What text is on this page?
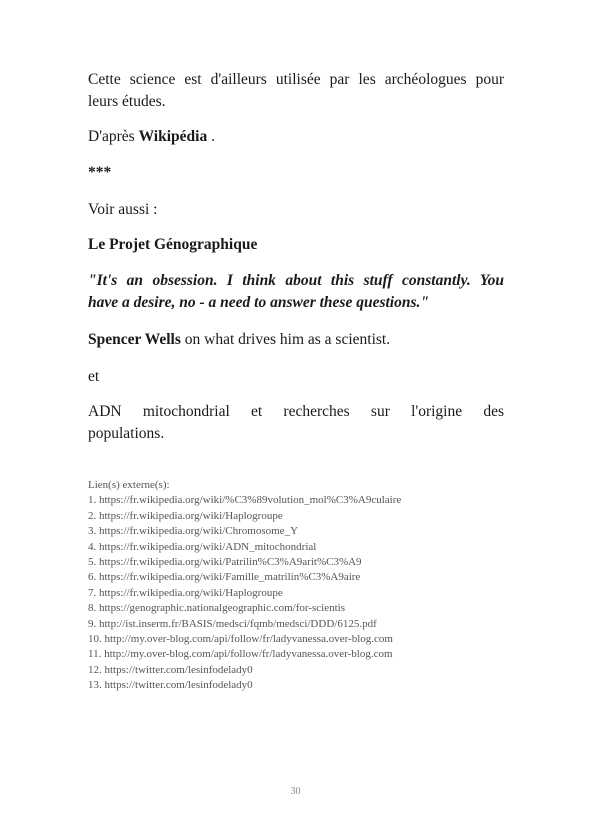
Cette science est d'ailleurs utilisée par les archéologues pour

leurs études.

D'après Wikipédia .

***

Voir aussi :

Le Projet Génographique

"It's an obsession. I think about this stuff constantly. You

have a desire, no - a need to answer these questions."

Spencer Wells on what drives him as a scientist.

et

ADN mitochondrial et recherches sur l'origine des

populations.

Lien(s) externe(s):
1. https://fr.wikipedia.org/wiki/%C3%89volution_mol%C3%A9culaire
2. https://fr.wikipedia.org/wiki/Haplogroupe
3. https://fr.wikipedia.org/wiki/Chromosome_Y
4. https://fr.wikipedia.org/wiki/ADN_mitochondrial
5. https://fr.wikipedia.org/wiki/Patrilin%C3%A9arit%C3%A9
6. https://fr.wikipedia.org/wiki/Famille_matrilin%C3%A9aire
7. https://fr.wikipedia.org/wiki/Haplogroupe
8. https://genographic.nationalgeographic.com/for-scientis
9. http://ist.inserm.fr/BASIS/medsci/fqmb/medsci/DDD/6125.pdf
10. http://my.over-blog.com/api/follow/fr/ladyvanessa.over-blog.com
11. http://my.over-blog.com/api/follow/fr/ladyvanessa.over-blog.com
12. https://twitter.com/lesinfodelady0
13. https://twitter.com/lesinfodelady0
30
